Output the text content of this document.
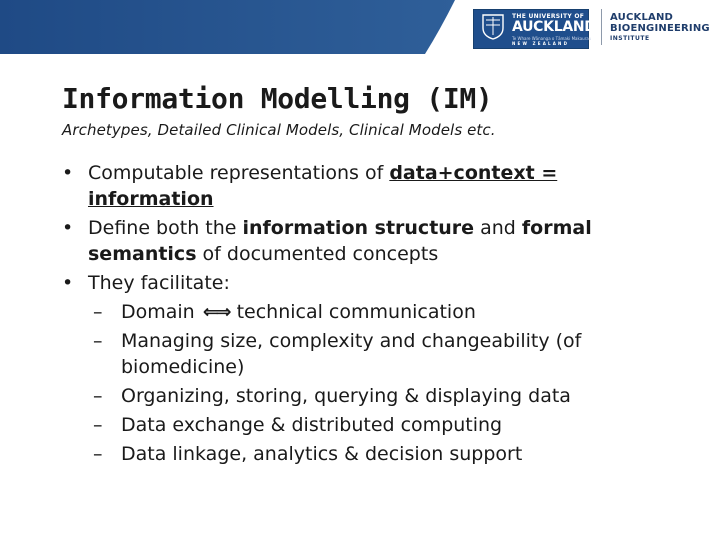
THE UNIVERSITY OF
AUCKLAND
Te Whare Wānanga o Tāmaki Makaurau
NEW ZEALAND
AUCKLAND
BIOENGINEERING
INSTITUTE
Information Modelling (IM)

Archetypes, Detailed Clinical Models, Clinical Models etc.

• Computable representations of data+context = information
• Define both the information structure and formal semantics of documented concepts
• They facilitate:
– Domain ⇐⇒ technical communication
– Managing size, complexity and changeability (of biomedicine)
– Organizing, storing, querying & displaying data
– Data exchange & distributed computing
– Data linkage, analytics & decision support
